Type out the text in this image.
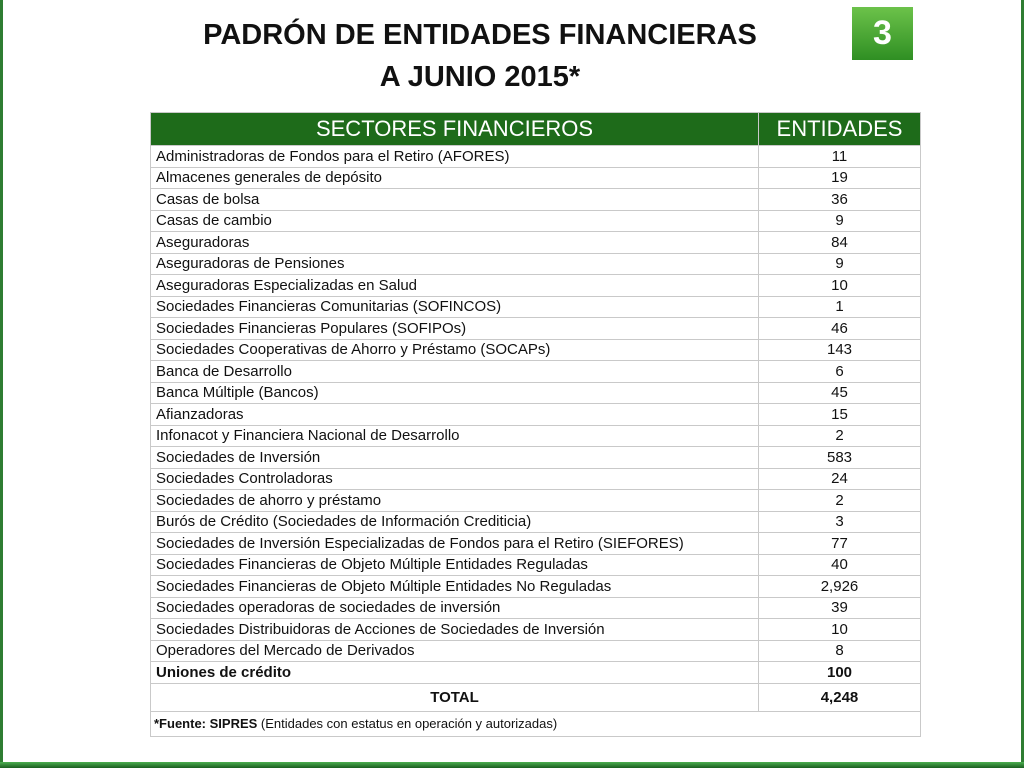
PADRÓN DE ENTIDADES FINANCIERAS
A JUNIO 2015*
3
SECTORES FINANCIEROS	ENTIDADES
Administradoras de Fondos para el Retiro (AFORES)	11
Almacenes generales de depósito	19
Casas de bolsa	36
Casas de cambio	9
Aseguradoras	84
Aseguradoras de Pensiones	9
Aseguradoras Especializadas en Salud	10
Sociedades Financieras Comunitarias (SOFINCOS)	1
Sociedades Financieras Populares (SOFIPOs)	46
Sociedades Cooperativas de Ahorro y Préstamo (SOCAPs)	143
Banca de Desarrollo	6
Banca Múltiple (Bancos)	45
Afianzadoras	15
Infonacot y Financiera Nacional de Desarrollo	2
Sociedades de Inversión	583
Sociedades Controladoras	24
Sociedades de ahorro y préstamo	2
Burós de Crédito (Sociedades de Información Crediticia)	3
Sociedades de Inversión Especializadas de Fondos para el Retiro (SIEFORES)	77
Sociedades Financieras de Objeto Múltiple Entidades Reguladas	40
Sociedades Financieras de Objeto Múltiple Entidades No Reguladas	2,926
Sociedades operadoras de sociedades de inversión	39
Sociedades Distribuidoras de Acciones de Sociedades de Inversión	10
Operadores del Mercado de Derivados	8
Uniones de crédito	100
TOTAL	4,248
*Fuente: SIPRES (Entidades con estatus en operación y autorizadas)	
